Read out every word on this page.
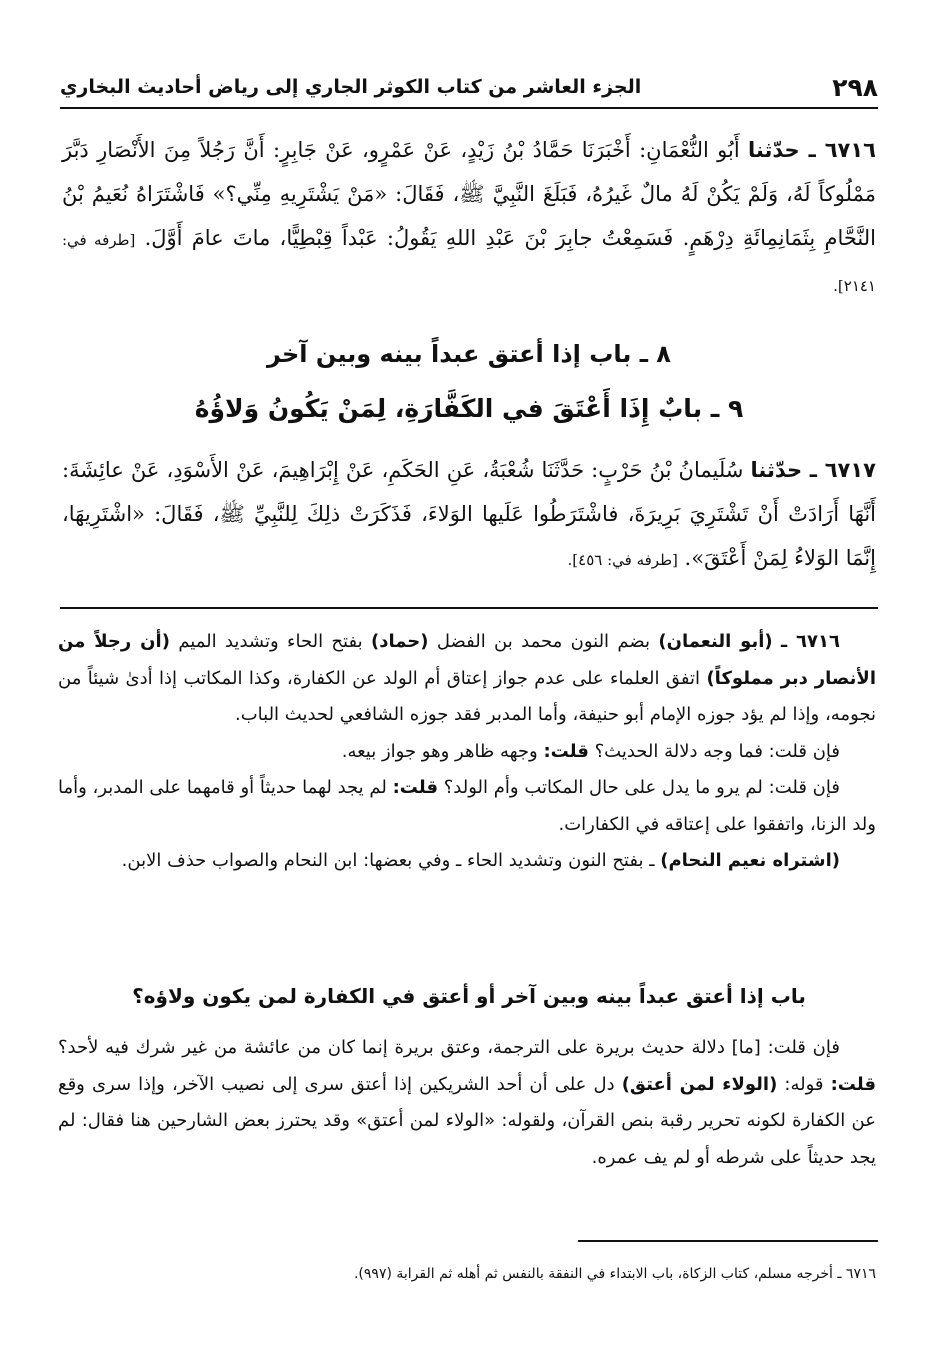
٢٩٨
الجزء العاشر من كتاب الكوثر الجاري إلى رياض أحاديث البخاري

٦٧١٦ ـ حدّثنا أَبُو النُّعْمَانِ: أَخْبَرَنَا حَمَّادُ بْنُ زَيْدٍ، عَنْ عَمْرٍو، عَنْ جَابِرٍ: أَنَّ رَجُلاً مِنَ الأَنْصَارِ دَبَّرَ مَمْلُوكاً لَهُ، وَلَمْ يَكُنْ لَهُ مالٌ غَيرُهُ، فَبَلَغَ النَّبِيَّ ﷺ، فَقَالَ: «مَنْ يَشْتَرِيهِ مِنِّي؟» فَاشْتَرَاهُ نُعَيمُ بْنُ النَّحَّامِ بِثَمَانِمِائَةِ دِرْهَمٍ. فَسَمِعْتُ جابِرَ بْنَ عَبْدِ اللهِ يَقُولُ: عَبْداً قِبْطِيًّا، ماتَ عامَ أَوَّلَ. [طرفه في: ٢١٤١].

٨ ـ باب إذا أعتق عبداً بينه وبين آخر
٩ ـ بابٌ إِذَا أَعْتَقَ في الكَفَّارَةِ، لِمَنْ يَكُونُ وَلاؤُهُ

٦٧١٧ ـ حدّثنا سُلَيمانُ بْنُ حَرْبٍ: حَدَّثَنَا شُعْبَةُ، عَنِ الحَكَمِ، عَنْ إِبْرَاهِيمَ، عَنْ الأَسْوَدِ، عَنْ عائِشَةَ: أَنَّهَا أَرَادَتْ أَنْ تَشْتَرِيَ بَرِيرَةَ، فاشْتَرَطُوا عَلَيها الوَلاءَ، فَذَكَرَتْ ذلِكَ لِلنَّبِيِّ ﷺ، فَقَالَ: «اشْتَرِيهَا، إِنَّمَا الوَلاءُ لِمَنْ أَعْتَقَ». [طرفه في: ٤٥٦].

٦٧١٦ ـ (أبو النعمان) بضم النون محمد بن الفضل (حماد) بفتح الحاء وتشديد الميم (أن رجلاً من الأنصار دبر مملوكاً) اتفق العلماء على عدم جواز إعتاق أم الولد عن الكفارة، وكذا المكاتب إذا أدىٰ شيئاً من نجومه، وإذا لم يؤد جوزه الإمام أبو حنيفة، وأما المدبر فقد جوزه الشافعي لحديث الباب.

فإن قلت: فما وجه دلالة الحديث؟ قلت: وجهه ظاهر وهو جواز بيعه.

فإن قلت: لم يرو ما يدل على حال المكاتب وأم الولد؟ قلت: لم يجد لهما حديثاً أو قامهما على المدبر، وأما ولد الزنا، واتفقوا على إعتاقه في الكفارات.

(اشتراه نعيم النحام) ـ بفتح النون وتشديد الحاء ـ وفي بعضها: ابن النحام والصواب حذف الابن.

باب إذا أعتق عبداً بينه وبين آخر أو أعتق في الكفارة لمن يكون ولاؤه؟

فإن قلت: [ما] دلالة حديث بريرة على الترجمة، وعتق بريرة إنما كان من عائشة من غير شرك فيه لأحد؟ قلت: قوله: (الولاء لمن أعتق) دل على أن أحد الشريكين إذا أعتق سرى إلى نصيب الآخر، وإذا سرى وقع عن الكفارة لكونه تحرير رقبة بنص القرآن، ولقوله: «الولاء لمن أعتق» وقد يحترز بعض الشارحين هنا فقال: لم يجد حديثاً على شرطه أو لم يف عمره.

٦٧١٦ ـ أخرجه مسلم، كتاب الزكاة، باب الابتداء في النفقة بالنفس ثم أهله ثم القرابة (٩٩٧).
